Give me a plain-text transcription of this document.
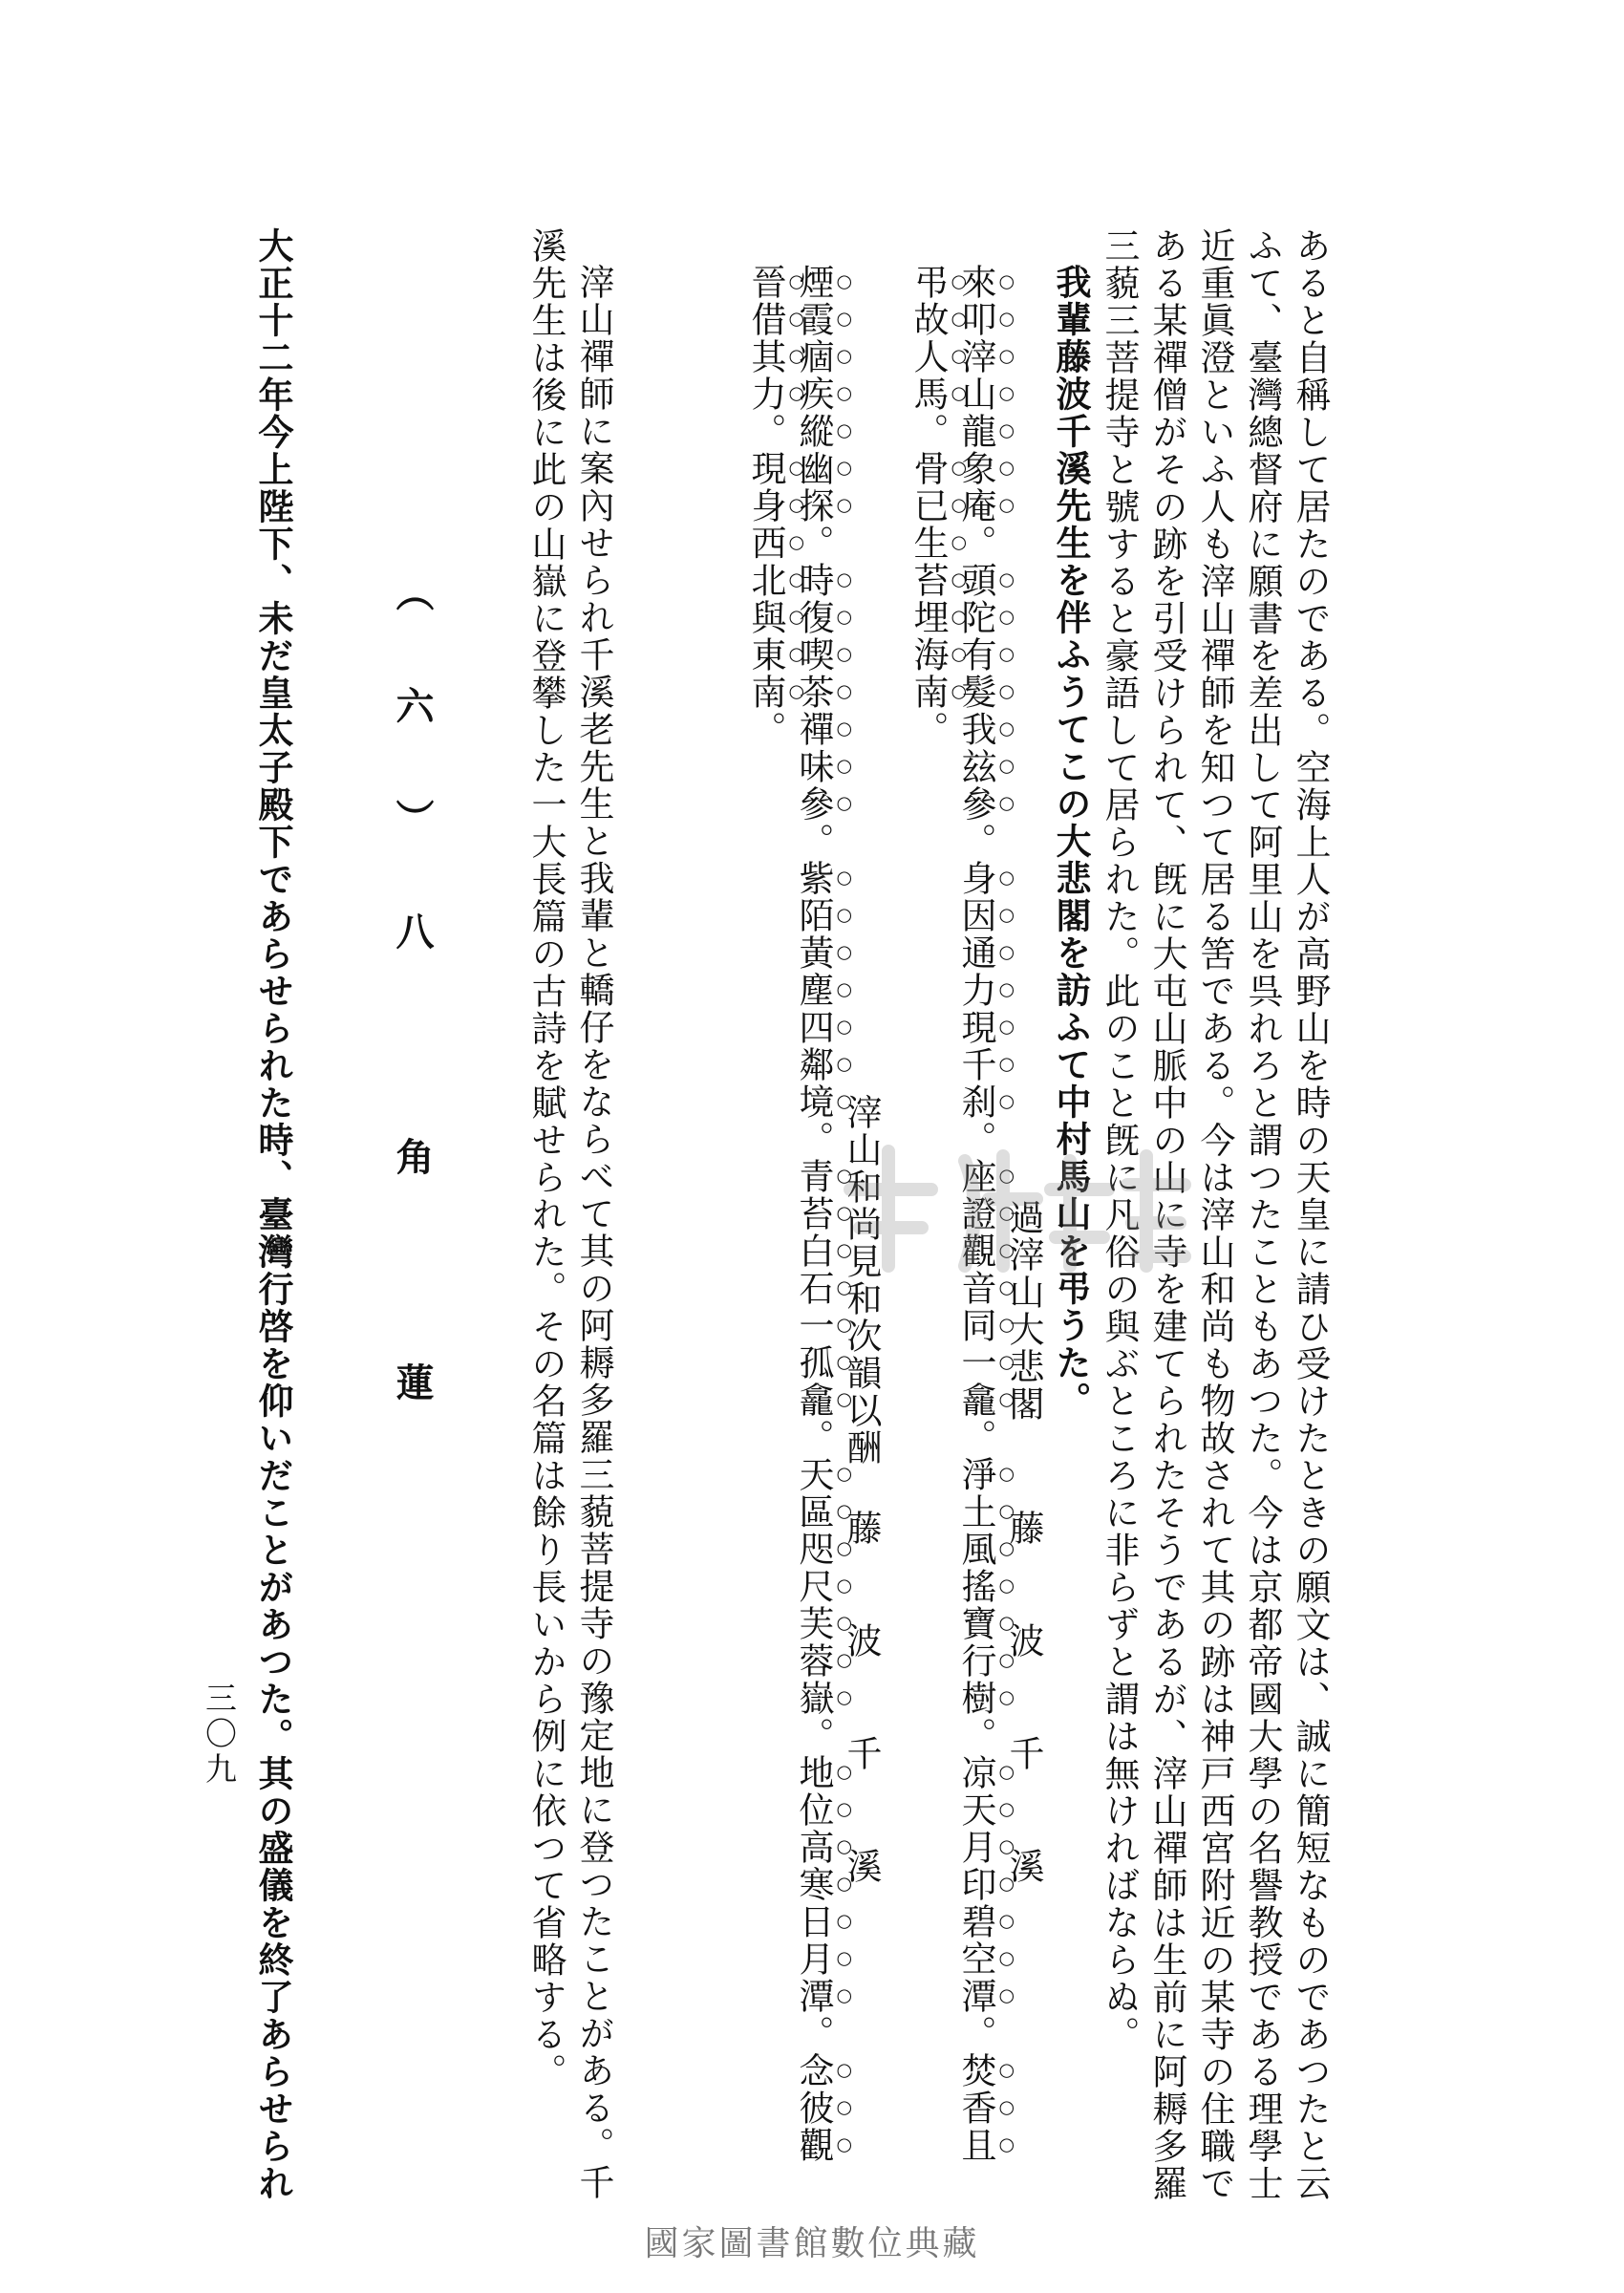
あると自稱して居たのである。空海上人が高野山を時の天皇に請ひ受けたときの願文は、誠に簡短なものであつたと云
ふて、臺灣總督府に願書を差出して阿里山を呉れろと謂つたこともあつた。今は京都帝國大學の名譽教授である理學士
近重眞澄といふ人も滓山禪師を知つて居る筈である。今は滓山和尚も物故されて其の跡は神戸西宮附近の某寺の住職で
ある某禪僧がその跡を引受けられて、旣に大屯山脈中の山に寺を建てられたそうであるが、滓山禪師は生前に阿耨多羅
三藐三菩提寺と號すると豪語して居られた。此のこと旣に凡俗の與ぶところに非らずと謂は無ければならぬ。
我輩藤波千溪先生を伴ふうてこの大悲閣を訪ふて中村馬山を弔うた。
過滓山大悲閣
藤　波　千　溪
來叩滓山龍象庵。頭陀有髮我玆參。身因通力現千刹。座證觀音同一龕。淨土風搖寶行樹。凉天月印碧空潭。焚香且
弔故人馬。骨已生苔埋海南。
滓山和尚見和次韻以酬
藤　波　千　溪
煙霞痼疾縱幽探。時復喫茶禪味參。紫陌黃塵四鄰境。青苔白石一孤龕。天區咫尺芙蓉嶽。地位高寒日月潭。念彼觀
晉借其力。現身西北與東南。
滓山禪師に案內せられ千溪老先生と我輩と轎仔をならべて其の阿耨多羅三藐菩提寺の豫定地に登つたことがある。千
溪先生は後に此の山嶽に登攀した一大長篇の古詩を賦せられた。その名篇は餘り長いから例に依つて省略する。
（六）八　角　蓮
大正十二年今上陛下、未だ皇太子殿下であらせられた時、臺灣行啓を仰いだことがあつた。其の盛儀を終了あらせられ
三〇九
國家圖書館數位典藏
